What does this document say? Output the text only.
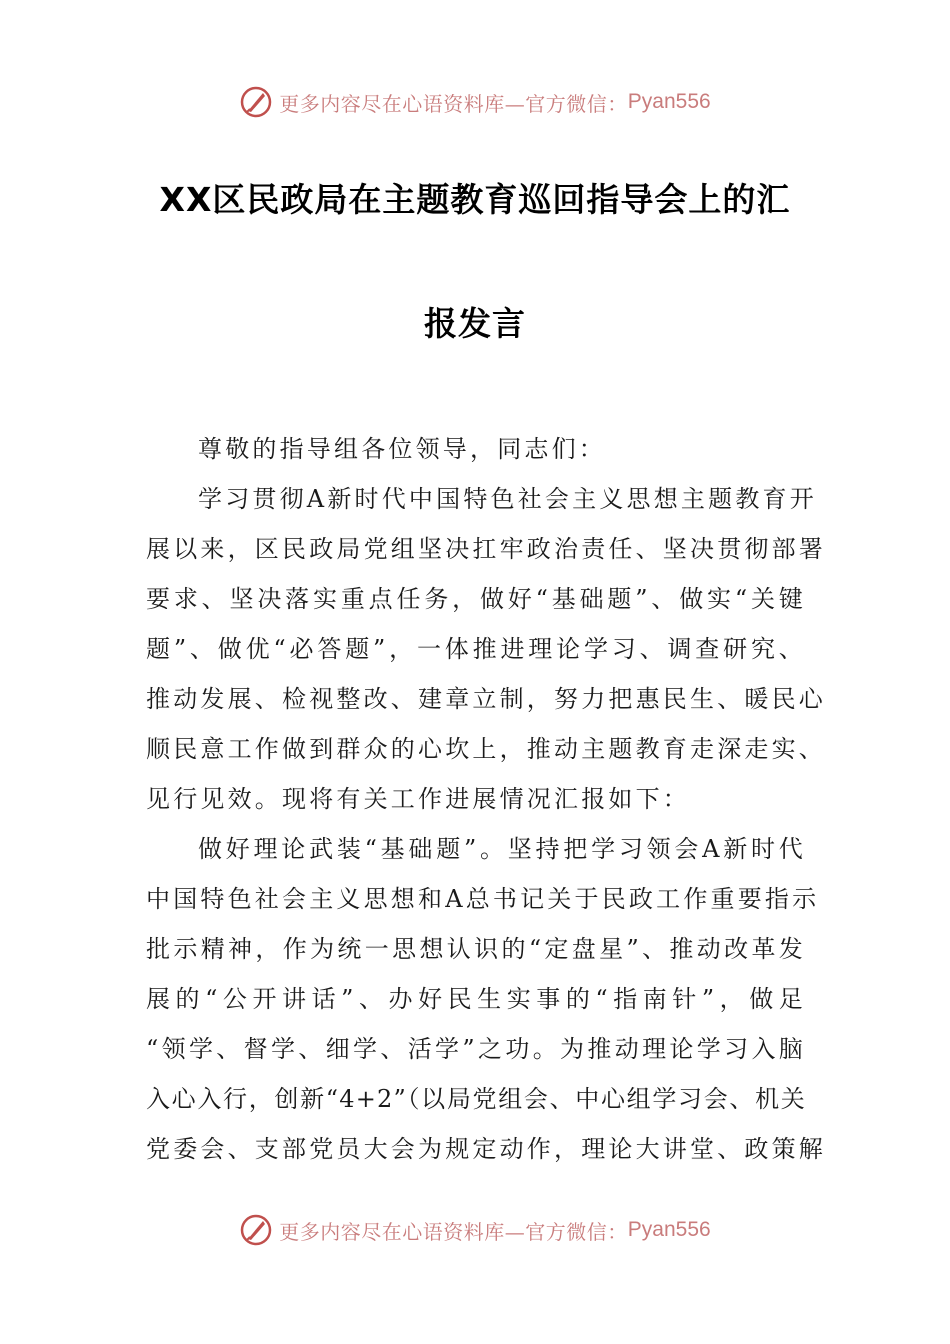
更多内容尽在心语资料库—官方微信： Pyan556
XX区民政局在主题教育巡回指导会上的汇
报发言
尊敬的指导组各位领导，同志们：
学习贯彻A新时代中国特色社会主义思想主题教育开
展以来，区民政局党组坚决扛牢政治责任、坚决贯彻部署
要求、坚决落实重点任务，做好“基础题”、做实“关键
题”、做优“必答题”，一体推进理论学习、调查研究、
推动发展、检视整改、建章立制，努力把惠民生、暖民心
顺民意工作做到群众的心坎上，推动主题教育走深走实、
见行见效。现将有关工作进展情况汇报如下：
做好理论武装“基础题”。坚持把学习领会A新时代
中国特色社会主义思想和A总书记关于民政工作重要指示
批示精神，作为统一思想认识的“定盘星”、推动改革发
展的“公开讲话”、办好民生实事的“指南针”，做足
“领学、督学、细学、活学”之功。为推动理论学习入脑
入心入行，创新“4+2”（以局党组会、中心组学习会、机关
党委会、支部党员大会为规定动作，理论大讲堂、政策解
更多内容尽在心语资料库—官方微信： Pyan556
